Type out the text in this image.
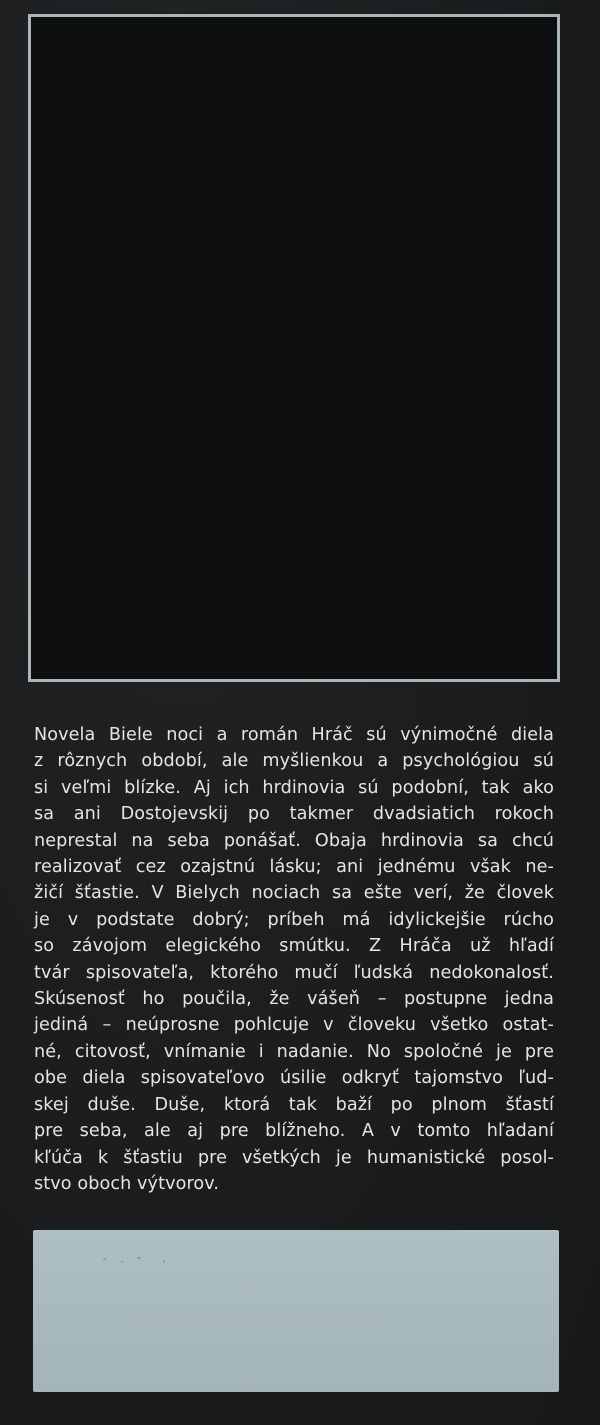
Novela Biele noci a román Hráč sú výnimočné diela
z rôznych období, ale myšlienkou a psychológiou sú
si veľmi blízke. Aj ich hrdinovia sú podobní, tak ako
sa ani Dostojevskij po takmer dvadsiatich rokoch
neprestal na seba ponášať. Obaja hrdinovia sa chcú
realizovať cez ozajstnú lásku; ani jednému však ne-
žičí šťastie. V Bielych nociach sa ešte verí, že človek
je v podstate dobrý; príbeh má idylickejšie rúcho
so závojom elegického smútku. Z Hráča už hľadí
tvár spisovateľa, ktorého mučí ľudská nedokonalosť.
Skúsenosť ho poučila, že vášeň – postupne jedna
jediná – neúprosne pohlcuje v človeku všetko ostat-
né, citovosť, vnímanie i nadanie. No spoločné je pre
obe diela spisovateľovo úsilie odkryť tajomstvo ľud-
skej duše. Duše, ktorá tak baží po plnom šťastí
pre seba, ale aj pre blížneho. A v tomto hľadaní
kľúča k šťastiu pre všetkých je humanistické posol-
stvo oboch výtvorov.
